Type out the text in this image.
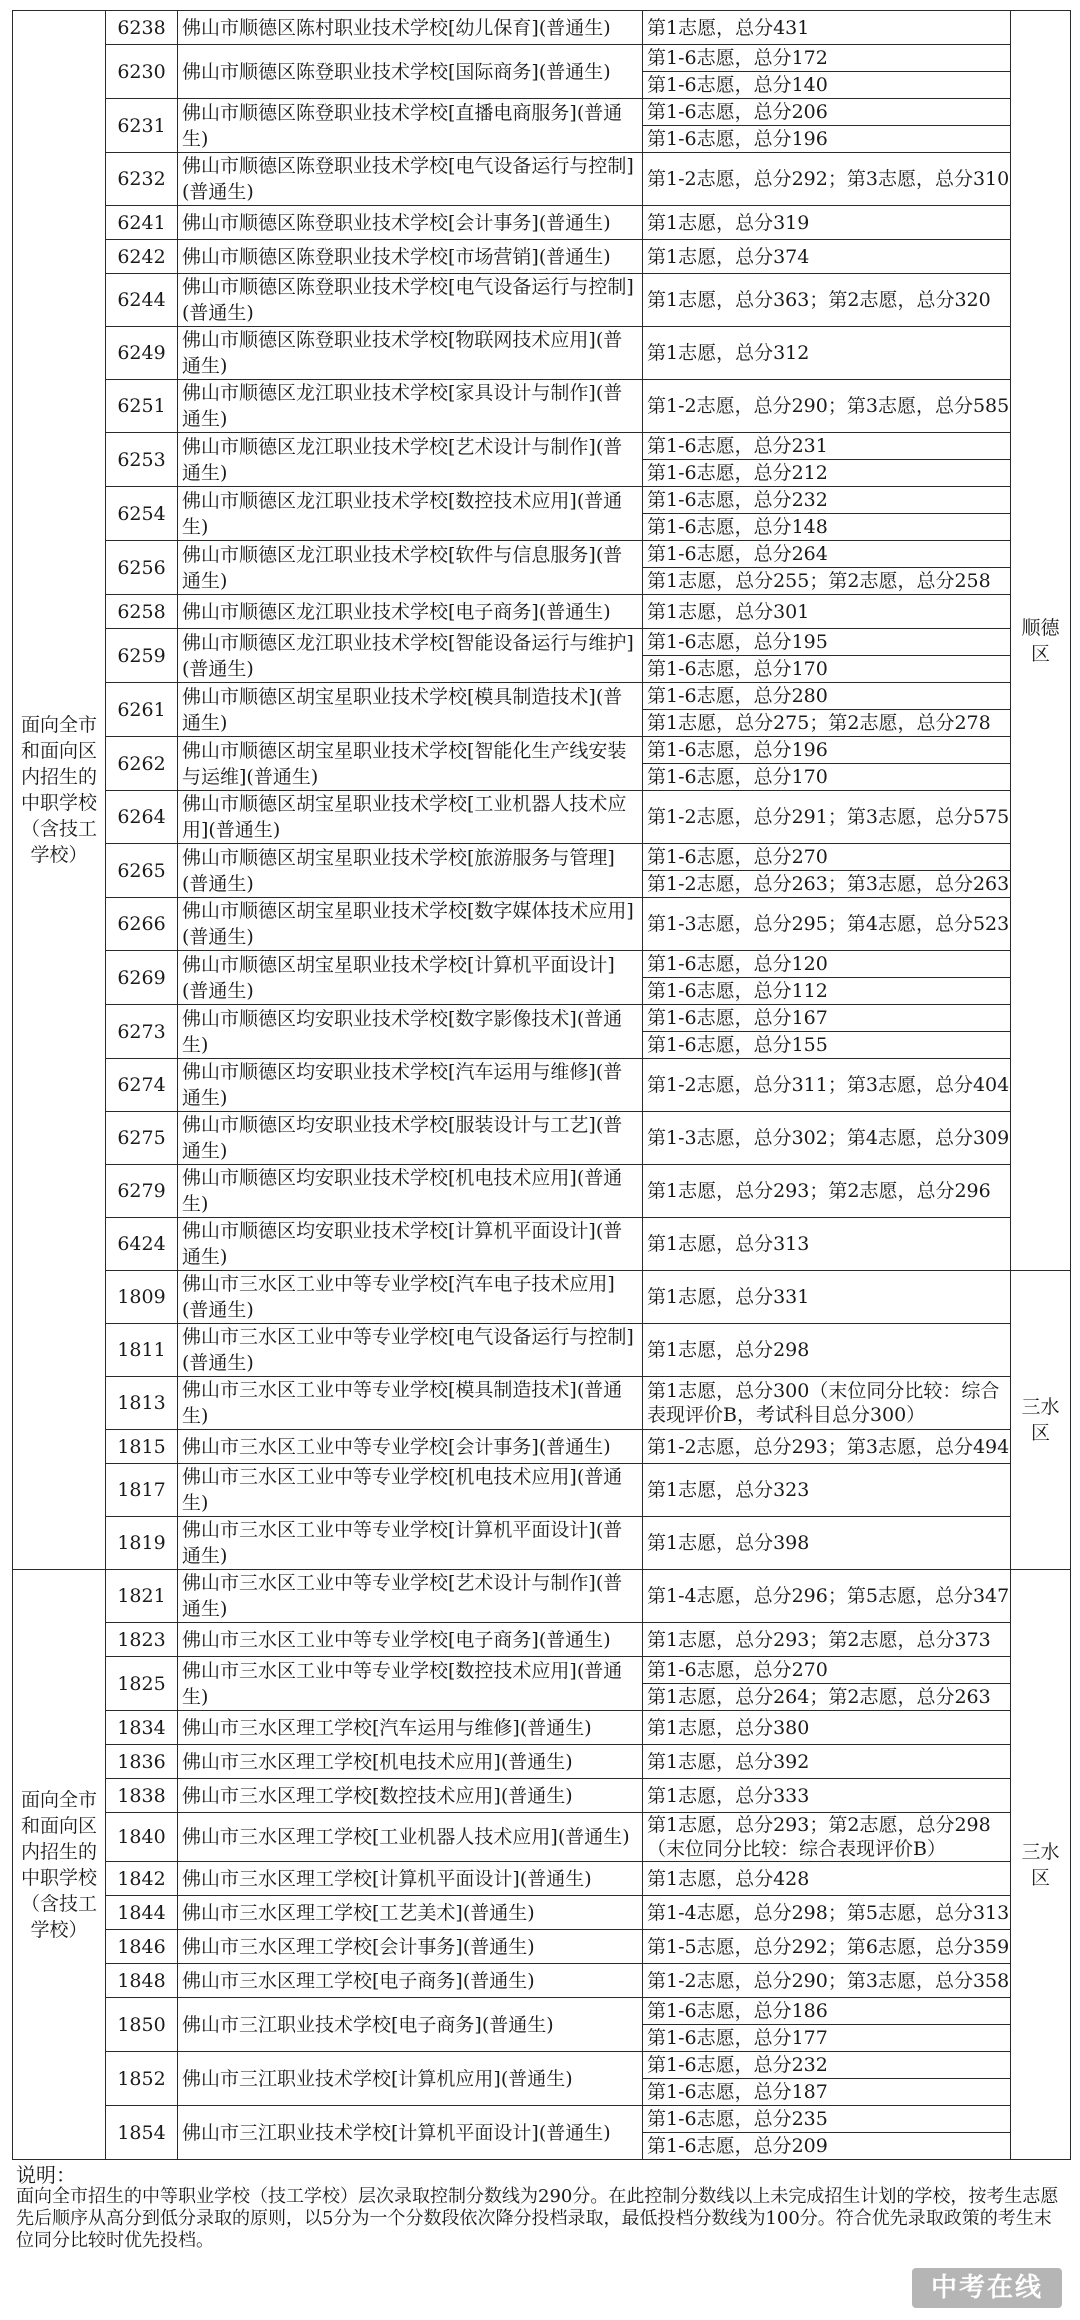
面向全市和面向区内招生的中职学校（含技工学校）	6238	佛山市顺德区陈村职业技术学校[幼儿保育](普通生)	第1志愿，总分431	顺德区
	6230	佛山市顺德区陈登职业技术学校[国际商务](普通生)	第1-6志愿，总分172	
			第1-6志愿，总分140	
	6231	佛山市顺德区陈登职业技术学校[直播电商服务](普通生)	第1-6志愿，总分206	
			第1-6志愿，总分196	
	6232	佛山市顺德区陈登职业技术学校[电气设备运行与控制](普通生)	第1-2志愿，总分292；第3志愿，总分310	
	6241	佛山市顺德区陈登职业技术学校[会计事务](普通生)	第1志愿，总分319	
	6242	佛山市顺德区陈登职业技术学校[市场营销](普通生)	第1志愿，总分374	
	6244	佛山市顺德区陈登职业技术学校[电气设备运行与控制](普通生)	第1志愿，总分363；第2志愿，总分320	
	6249	佛山市顺德区陈登职业技术学校[物联网技术应用](普通生)	第1志愿，总分312	
	6251	佛山市顺德区龙江职业技术学校[家具设计与制作](普通生)	第1-2志愿，总分290；第3志愿，总分585	
	6253	佛山市顺德区龙江职业技术学校[艺术设计与制作](普通生)	第1-6志愿，总分231	
			第1-6志愿，总分212	
	6254	佛山市顺德区龙江职业技术学校[数控技术应用](普通生)	第1-6志愿，总分232	
			第1-6志愿，总分148	
	6256	佛山市顺德区龙江职业技术学校[软件与信息服务](普通生)	第1-6志愿，总分264	
			第1志愿，总分255；第2志愿，总分258	
	6258	佛山市顺德区龙江职业技术学校[电子商务](普通生)	第1志愿，总分301	
	6259	佛山市顺德区龙江职业技术学校[智能设备运行与维护](普通生)	第1-6志愿，总分195	
			第1-6志愿，总分170	
	6261	佛山市顺德区胡宝星职业技术学校[模具制造技术](普通生)	第1-6志愿，总分280	
			第1志愿，总分275；第2志愿，总分278	
	6262	佛山市顺德区胡宝星职业技术学校[智能化生产线安装与运维](普通生)	第1-6志愿，总分196	
			第1-6志愿，总分170	
	6264	佛山市顺德区胡宝星职业技术学校[工业机器人技术应用](普通生)	第1-2志愿，总分291；第3志愿，总分575	
	6265	佛山市顺德区胡宝星职业技术学校[旅游服务与管理](普通生)	第1-6志愿，总分270	
			第1-2志愿，总分263；第3志愿，总分263	
	6266	佛山市顺德区胡宝星职业技术学校[数字媒体技术应用](普通生)	第1-3志愿，总分295；第4志愿，总分523	
	6269	佛山市顺德区胡宝星职业技术学校[计算机平面设计](普通生)	第1-6志愿，总分120	
			第1-6志愿，总分112	
	6273	佛山市顺德区均安职业技术学校[数字影像技术](普通生)	第1-6志愿，总分167	
			第1-6志愿，总分155	
	6274	佛山市顺德区均安职业技术学校[汽车运用与维修](普通生)	第1-2志愿，总分311；第3志愿，总分404	
	6275	佛山市顺德区均安职业技术学校[服装设计与工艺](普通生)	第1-3志愿，总分302；第4志愿，总分309	
	6279	佛山市顺德区均安职业技术学校[机电技术应用](普通生)	第1志愿，总分293；第2志愿，总分296	
	6424	佛山市顺德区均安职业技术学校[计算机平面设计](普通生)	第1志愿，总分313	
	1809	佛山市三水区工业中等专业学校[汽车电子技术应用](普通生)	第1志愿，总分331	三水区
	1811	佛山市三水区工业中等专业学校[电气设备运行与控制](普通生)	第1志愿，总分298	
	1813	佛山市三水区工业中等专业学校[模具制造技术](普通生)	第1志愿，总分300（末位同分比较：综合表现评价B，考试科目总分300）	
	1815	佛山市三水区工业中等专业学校[会计事务](普通生)	第1-2志愿，总分293；第3志愿，总分494	
	1817	佛山市三水区工业中等专业学校[机电技术应用](普通生)	第1志愿，总分323	
	1819	佛山市三水区工业中等专业学校[计算机平面设计](普通生)	第1志愿，总分398	
面向全市和面向区内招生的中职学校（含技工学校）	1821	佛山市三水区工业中等专业学校[艺术设计与制作](普通生)	第1-4志愿，总分296；第5志愿，总分347	三水区
	1823	佛山市三水区工业中等专业学校[电子商务](普通生)	第1志愿，总分293；第2志愿，总分373	
	1825	佛山市三水区工业中等专业学校[数控技术应用](普通生)	第1-6志愿，总分270	
			第1志愿，总分264；第2志愿，总分263	
	1834	佛山市三水区理工学校[汽车运用与维修](普通生)	第1志愿，总分380	
	1836	佛山市三水区理工学校[机电技术应用](普通生)	第1志愿，总分392	
	1838	佛山市三水区理工学校[数控技术应用](普通生)	第1志愿，总分333	
	1840	佛山市三水区理工学校[工业机器人技术应用](普通生)	第1志愿，总分293；第2志愿，总分298（末位同分比较：综合表现评价B）	
	1842	佛山市三水区理工学校[计算机平面设计](普通生)	第1志愿，总分428	
	1844	佛山市三水区理工学校[工艺美术](普通生)	第1-4志愿，总分298；第5志愿，总分313	
	1846	佛山市三水区理工学校[会计事务](普通生)	第1-5志愿，总分292；第6志愿，总分359	
	1848	佛山市三水区理工学校[电子商务](普通生)	第1-2志愿，总分290；第3志愿，总分358	
	1850	佛山市三江职业技术学校[电子商务](普通生)	第1-6志愿，总分186	
			第1-6志愿，总分177	
	1852	佛山市三江职业技术学校[计算机应用](普通生)	第1-6志愿，总分232	
			第1-6志愿，总分187	
	1854	佛山市三江职业技术学校[计算机平面设计](普通生)	第1-6志愿，总分235	
			第1-6志愿，总分209	
说明：
面向全市招生的中等职业学校（技工学校）层次录取控制分数线为290分。在此控制分数线以上未完成招生计划的学校，按考生志愿先后顺序从高分到低分录取的原则，以5分为一个分数段依次降分投档录取，最低投档分数线为100分。符合优先录取政策的考生末位同分比较时优先投档。
中考在线
